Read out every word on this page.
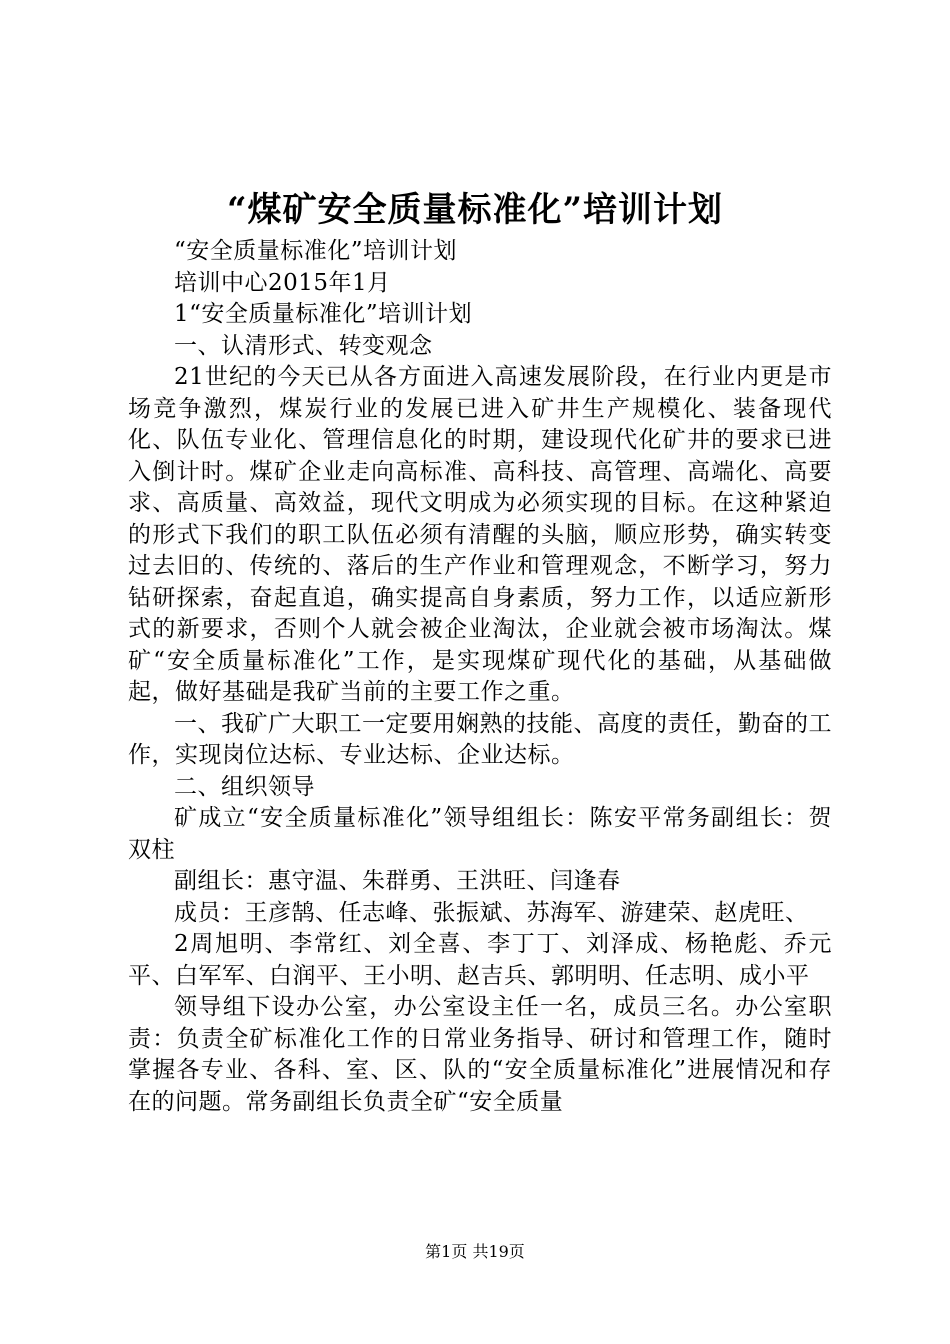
“煤矿安全质量标准化”培训计划

“安全质量标准化”培训计划

培训中心2015年1月

1“安全质量标准化”培训计划

一、认清形式、转变观念

21世纪的今天已从各方面进入高速发展阶段，在行业内更是市场竞争激烈，煤炭行业的发展已进入矿井生产规模化、装备现代化、队伍专业化、管理信息化的时期，建设现代化矿井的要求已进入倒计时。煤矿企业走向高标准、高科技、高管理、高端化、高要求、高质量、高效益，现代文明成为必须实现的目标。在这种紧迫的形式下我们的职工队伍必须有清醒的头脑，顺应形势，确实转变过去旧的、传统的、落后的生产作业和管理观念，不断学习，努力钻研探索，奋起直追，确实提高自身素质，努力工作，以适应新形式的新要求，否则个人就会被企业淘汰，企业就会被市场淘汰。煤矿“安全质量标准化”工作，是实现煤矿现代化的基础，从基础做起，做好基础是我矿当前的主要工作之重。

一、我矿广大职工一定要用娴熟的技能、高度的责任，勤奋的工作，实现岗位达标、专业达标、企业达标。

二、组织领导

矿成立“安全质量标准化”领导组组长：陈安平常务副组长：贺双柱

副组长：惠守温、朱群勇、王洪旺、闫逢春

成员：王彦鹄、任志峰、张振斌、苏海军、游建荣、赵虎旺、

2周旭明、李常红、刘全喜、李丁丁、刘泽成、杨艳彪、乔元平、白军军、白润平、王小明、赵吉兵、郭明明、任志明、成小平

领导组下设办公室，办公室设主任一名，成员三名。办公室职责：负责全矿标准化工作的日常业务指导、研讨和管理工作，随时掌握各专业、各科、室、区、队的“安全质量标准化”进展情况和存在的问题。常务副组长负责全矿“安全质量

第1页 共19页
